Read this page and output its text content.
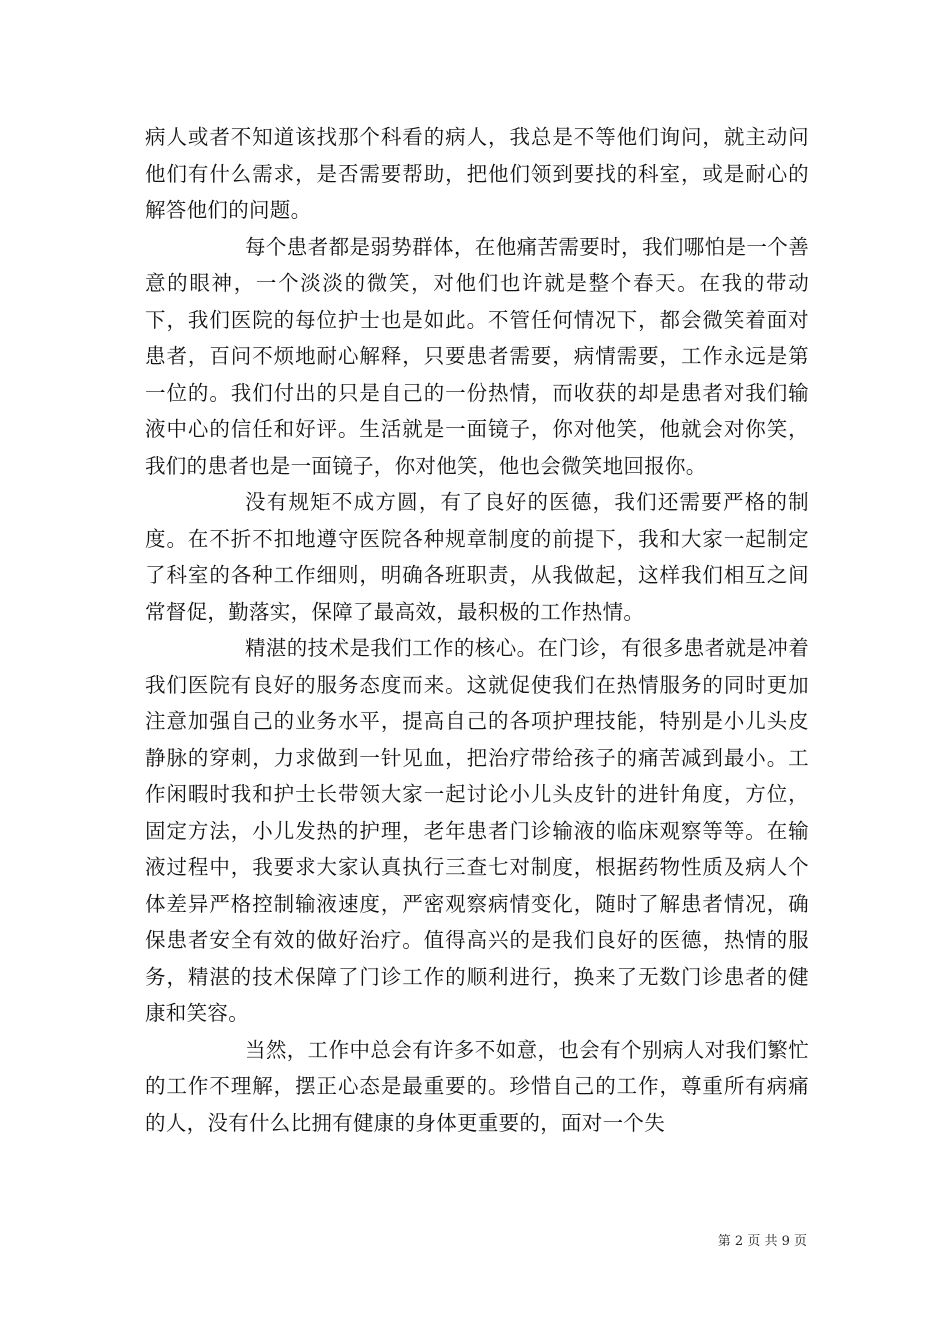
病人或者不知道该找那个科看的病人，我总是不等他们询问，就主动问他们有什么需求，是否需要帮助，把他们领到要找的科室，或是耐心的解答他们的问题。

每个患者都是弱势群体，在他痛苦需要时，我们哪怕是一个善意的眼神，一个淡淡的微笑，对他们也许就是整个春天。在我的带动下，我们医院的每位护士也是如此。不管任何情况下，都会微笑着面对患者，百问不烦地耐心解释，只要患者需要，病情需要，工作永远是第一位的。我们付出的只是自己的一份热情，而收获的却是患者对我们输液中心的信任和好评。生活就是一面镜子，你对他笑，他就会对你笑，我们的患者也是一面镜子，你对他笑，他也会微笑地回报你。

没有规矩不成方圆，有了良好的医德，我们还需要严格的制度。在不折不扣地遵守医院各种规章制度的前提下，我和大家一起制定了科室的各种工作细则，明确各班职责，从我做起，这样我们相互之间常督促，勤落实，保障了最高效，最积极的工作热情。

精湛的技术是我们工作的核心。在门诊，有很多患者就是冲着我们医院有良好的服务态度而来。这就促使我们在热情服务的同时更加注意加强自己的业务水平，提高自己的各项护理技能，特别是小儿头皮静脉的穿刺，力求做到一针见血，把治疗带给孩子的痛苦减到最小。工作闲暇时我和护士长带领大家一起讨论小儿头皮针的进针角度，方位，固定方法，小儿发热的护理，老年患者门诊输液的临床观察等等。在输液过程中，我要求大家认真执行三查七对制度，根据药物性质及病人个体差异严格控制输液速度，严密观察病情变化，随时了解患者情况，确保患者安全有效的做好治疗。值得高兴的是我们良好的医德，热情的服务，精湛的技术保障了门诊工作的顺利进行，换来了无数门诊患者的健康和笑容。

当然，工作中总会有许多不如意，也会有个别病人对我们繁忙的工作不理解，摆正心态是最重要的。珍惜自己的工作，尊重所有病痛的人，没有什么比拥有健康的身体更重要的，面对一个失

第 2 页 共 9 页
